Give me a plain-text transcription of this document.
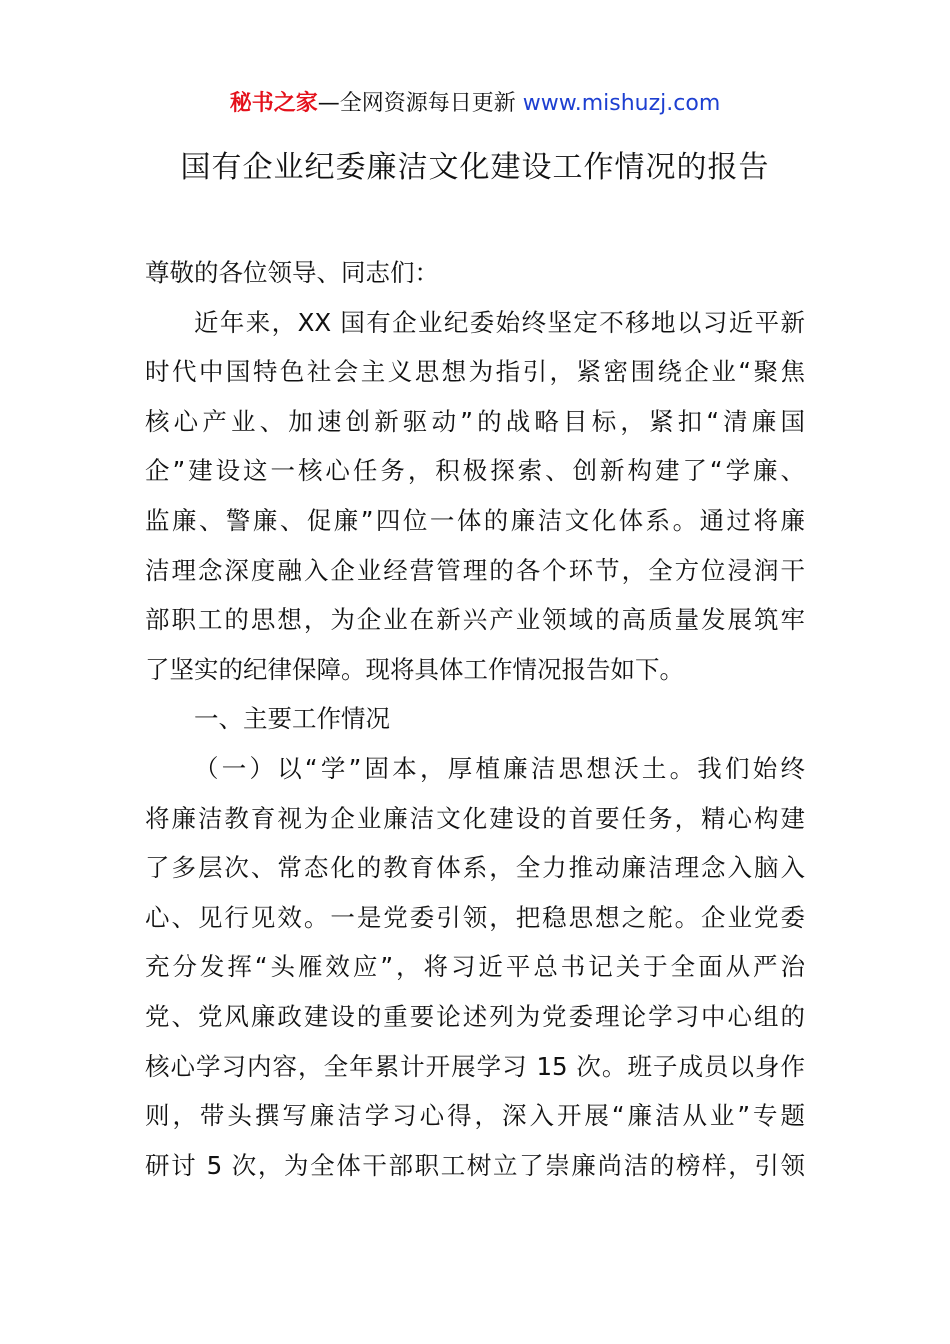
秘书之家—全网资源每日更新 www.mishuzj.com
国有企业纪委廉洁文化建设工作情况的报告
尊敬的各位领导、同志们：
近年来，XX 国有企业纪委始终坚定不移地以习近平新
时代中国特色社会主义思想为指引，紧密围绕企业“聚焦
核心产业、加速创新驱动”的战略目标，紧扣“清廉国
企”建设这一核心任务，积极探索、创新构建了“学廉、
监廉、警廉、促廉”四位一体的廉洁文化体系。通过将廉
洁理念深度融入企业经营管理的各个环节，全方位浸润干
部职工的思想，为企业在新兴产业领域的高质量发展筑牢
了坚实的纪律保障。现将具体工作情况报告如下。
一、主要工作情况
（一）以“学”固本，厚植廉洁思想沃土。我们始终
将廉洁教育视为企业廉洁文化建设的首要任务，精心构建
了多层次、常态化的教育体系，全力推动廉洁理念入脑入
心、见行见效。一是党委引领，把稳思想之舵。企业党委
充分发挥“头雁效应”，将习近平总书记关于全面从严治
党、党风廉政建设的重要论述列为党委理论学习中心组的
核心学习内容，全年累计开展学习 15 次。班子成员以身作
则，带头撰写廉洁学习心得，深入开展“廉洁从业”专题
研讨 5 次，为全体干部职工树立了崇廉尚洁的榜样，引领
